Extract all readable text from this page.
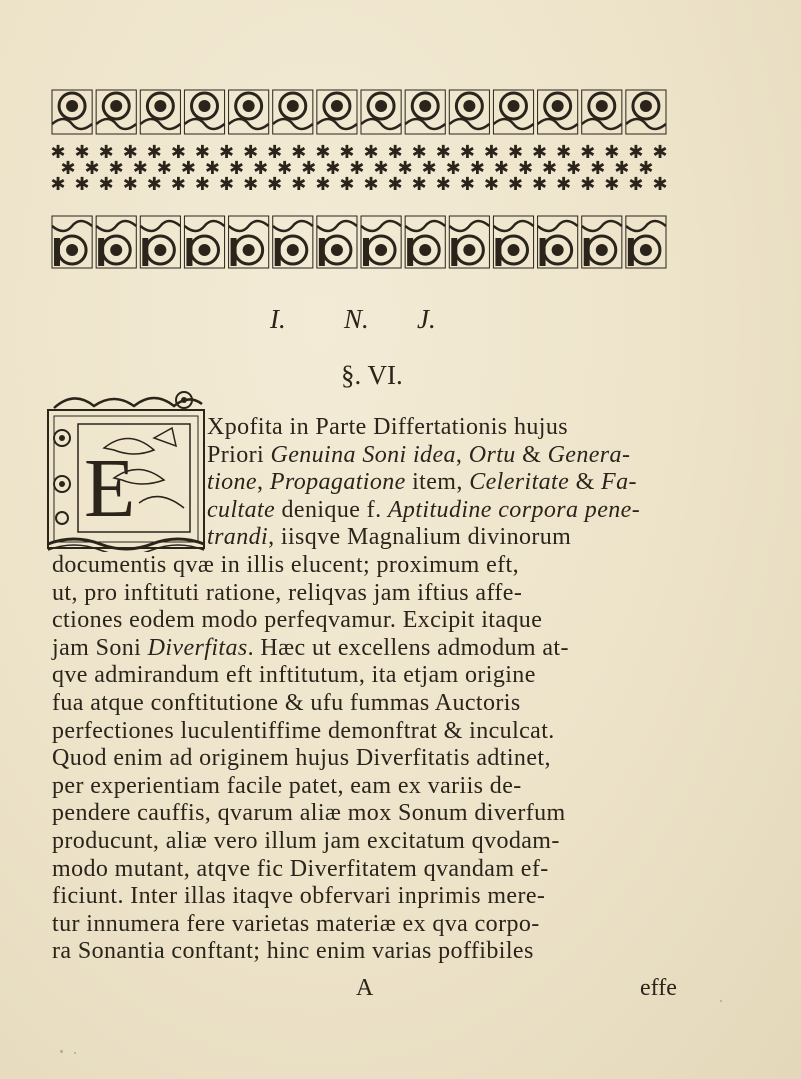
✱ ✱ ✱ ✱ ✱ ✱ ✱ ✱ ✱ ✱ ✱ ✱ ✱ ✱ ✱ ✱ ✱ ✱ ✱ ✱ ✱ ✱ ✱ ✱ ✱ ✱
✱ ✱ ✱ ✱ ✱ ✱ ✱ ✱ ✱ ✱ ✱ ✱ ✱ ✱ ✱ ✱ ✱ ✱ ✱ ✱ ✱ ✱ ✱ ✱ ✱
✱ ✱ ✱ ✱ ✱ ✱ ✱ ✱ ✱ ✱ ✱ ✱ ✱ ✱ ✱ ✱ ✱ ✱ ✱ ✱ ✱ ✱ ✱ ✱ ✱ ✱
I. N. J.
§. VI.
E
Xpofita in Parte Differtationis hujus
Priori Genuina Soni idea, Ortu & Genera-
tione, Propagatione item, Celeritate & Fa-
cultate denique f. Aptitudine corpora pene-
trandi, iisqve Magnalium divinorum
documentis qvæ in illis elucent; proximum eft,
ut, pro inftituti ratione, reliqvas jam iftius affe-
ctiones eodem modo perfeqvamur. Excipit itaque
jam Soni Diverfitas. Hæc ut excellens admodum at-
qve admirandum eft inftitutum, ita etjam origine
fua atque conftitutione & ufu fummas Auctoris
perfectiones luculentiffime demonftrat & inculcat.
Quod enim ad originem hujus Diverfitatis adtinet,
per experientiam facile patet, eam ex variis de-
pendere cauffis, qvarum aliæ mox Sonum diverfum
producunt, aliæ vero illum jam excitatum qvodam-
modo mutant, atqve fic Diverfitatem qvandam ef-
ficiunt. Inter illas itaqve obfervari inprimis mere-
tur innumera fere varietas materiæ ex qva corpo-
ra Sonantia conftant; hinc enim varias poffibiles
A	effe
